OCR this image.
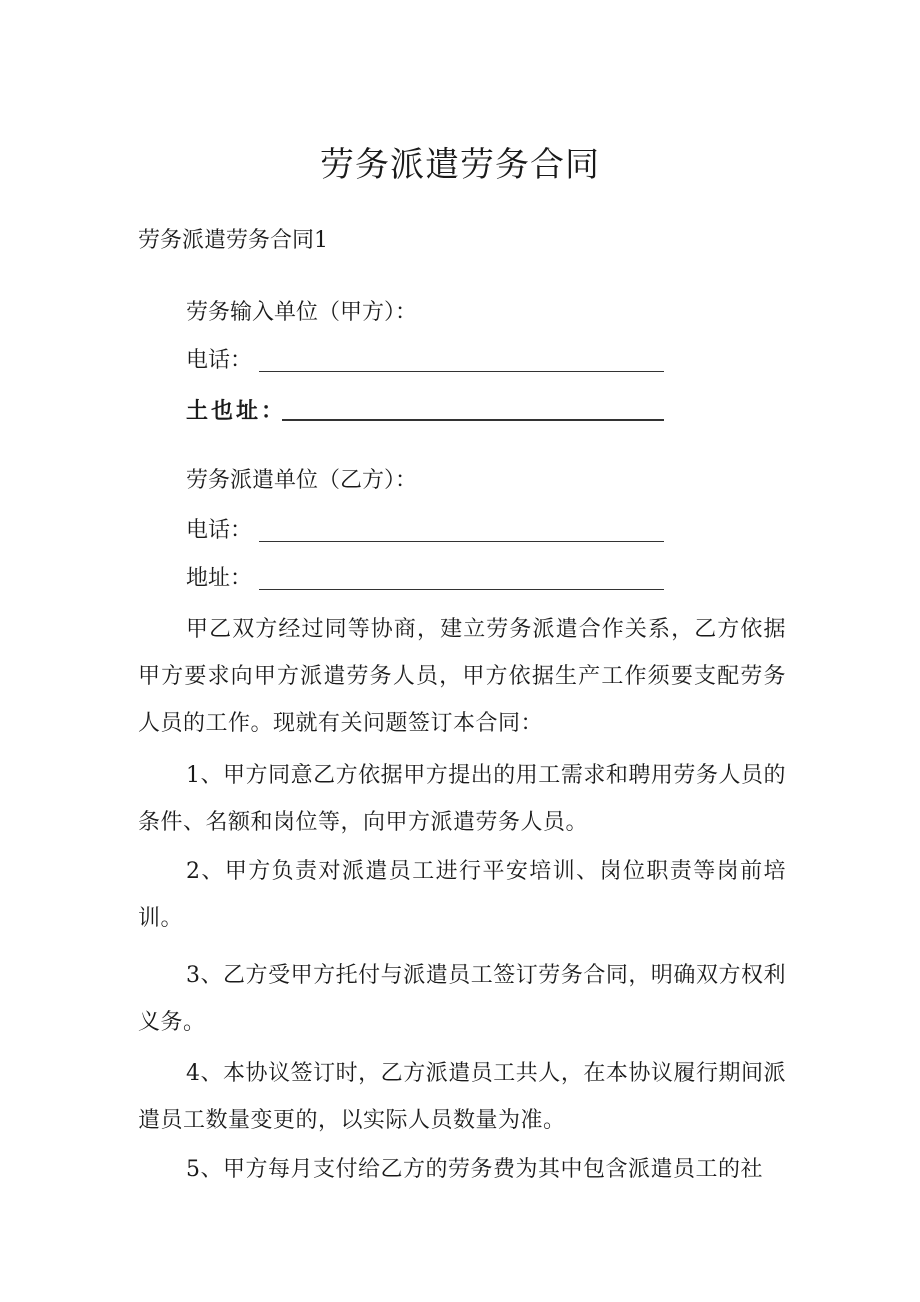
劳务派遣劳务合同
劳务派遣劳务合同1
劳务输入单位（甲方）：
电话：
土也址：
劳务派遣单位（乙方）：
电话：
地址：
甲乙双方经过同等协商，建立劳务派遣合作关系，乙方依据甲方要求向甲方派遣劳务人员，甲方依据生产工作须要支配劳务人员的工作。现就有关问题签订本合同：
1、甲方同意乙方依据甲方提出的用工需求和聘用劳务人员的条件、名额和岗位等，向甲方派遣劳务人员。
2、甲方负责对派遣员工进行平安培训、岗位职责等岗前培训。
3、乙方受甲方托付与派遣员工签订劳务合同，明确双方权利义务。
4、本协议签订时，乙方派遣员工共人，在本协议履行期间派遣员工数量变更的，以实际人员数量为准。
5、甲方每月支付给乙方的劳务费为其中包含派遣员工的社
